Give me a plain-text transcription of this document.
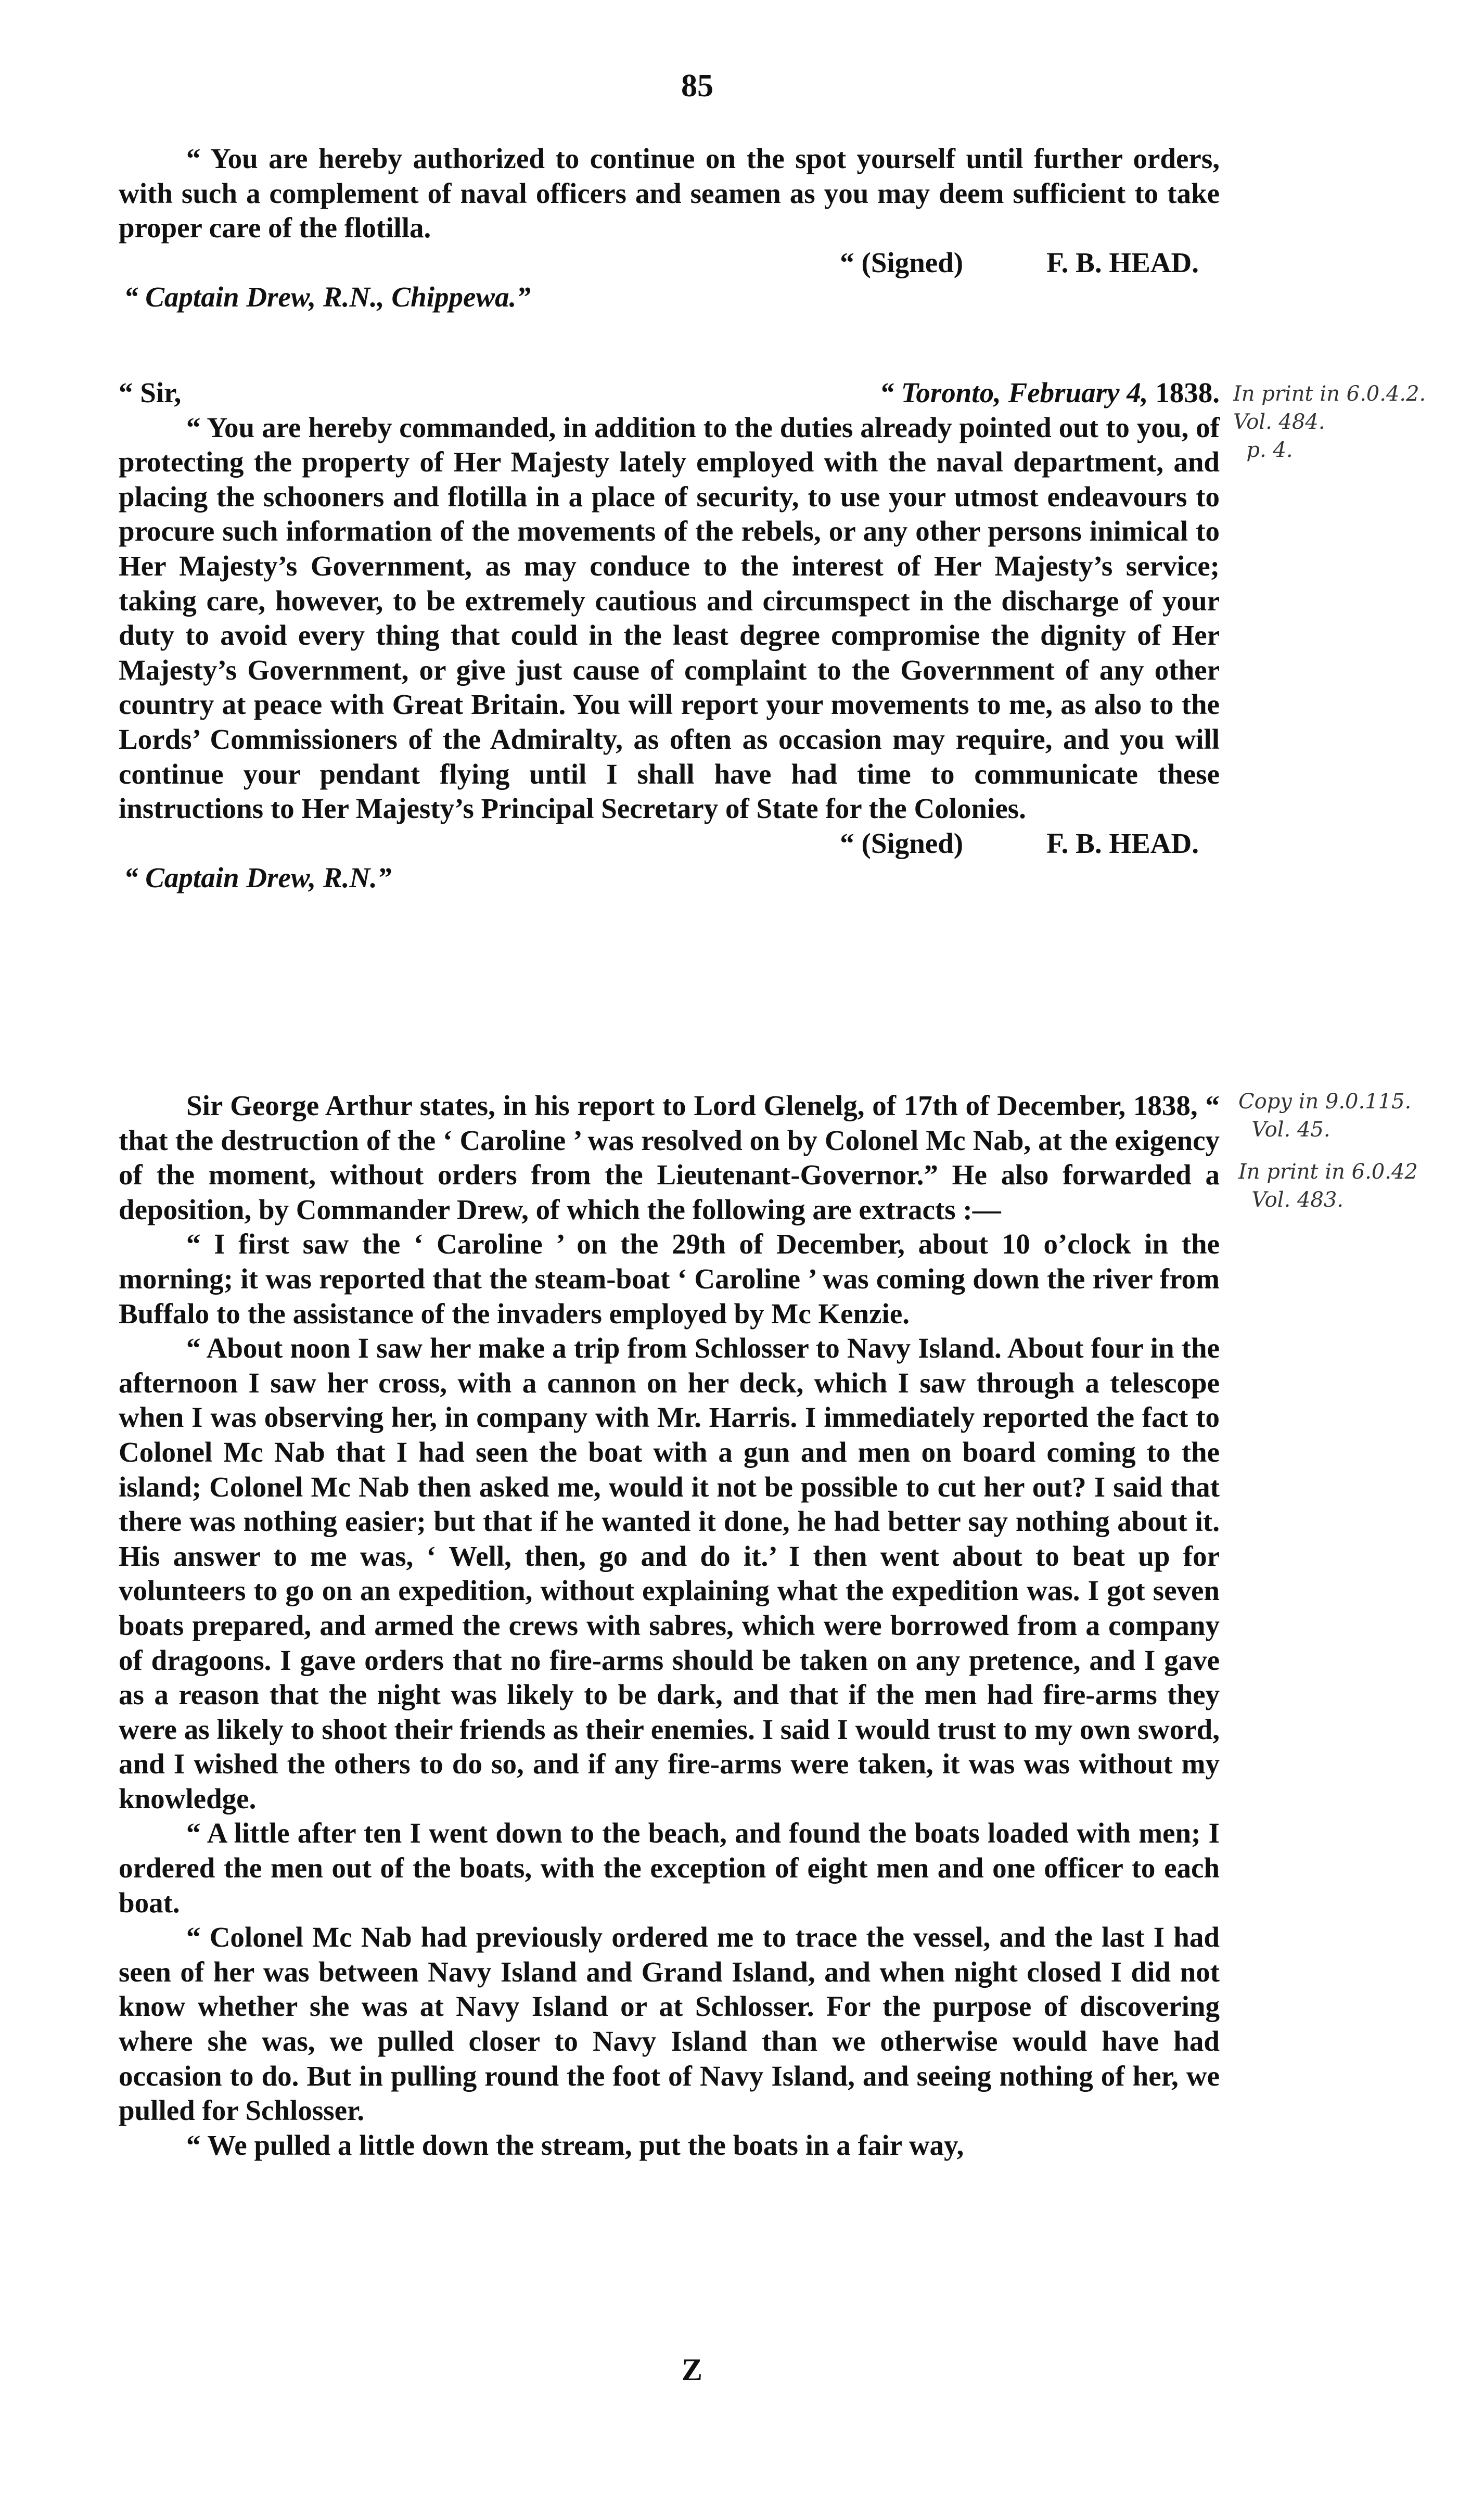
85

“ You are hereby authorized to continue on the spot yourself until further orders, with such a complement of naval officers and seamen as you may deem sufficient to take proper care of the flotilla.

“ (Signed)	F. B. HEAD.
“ Captain Drew, R.N., Chippewa.”
“ Sir,	“ Toronto, February 4, 1838.

“ You are hereby commanded, in addition to the duties already pointed out to you, of protecting the property of Her Majesty lately employed with the naval department, and placing the schooners and flotilla in a place of security, to use your utmost endeavours to procure such information of the movements of the rebels, or any other persons inimical to Her Majesty’s Government, as may conduce to the interest of Her Majesty’s service; taking care, however, to be extremely cautious and circumspect in the discharge of your duty to avoid every thing that could in the least degree compromise the dignity of Her Majesty’s Government, or give just cause of complaint to the Government of any other country at peace with Great Britain. You will report your movements to me, as also to the Lords’ Commissioners of the Admiralty, as often as occasion may require, and you will continue your pendant flying until I shall have had time to communicate these instructions to Her Majesty’s Principal Secretary of State for the Colonies.

“ (Signed)	F. B. HEAD.
“ Captain Drew, R.N.”

Sir George Arthur states, in his report to Lord Glenelg, of 17th of December, 1838, “ that the destruction of the ‘ Caroline ’ was resolved on by Colonel Mc Nab, at the exigency of the moment, without orders from the Lieutenant-Governor.” He also forwarded a deposition, by Commander Drew, of which the following are extracts :—

“ I first saw the ‘ Caroline ’ on the 29th of December, about 10 o’clock in the morning; it was reported that the steam-boat ‘ Caroline ’ was coming down the river from Buffalo to the assistance of the invaders employed by Mc Kenzie.

“ About noon I saw her make a trip from Schlosser to Navy Island. About four in the afternoon I saw her cross, with a cannon on her deck, which I saw through a telescope when I was observing her, in company with Mr. Harris. I immediately reported the fact to Colonel Mc Nab that I had seen the boat with a gun and men on board coming to the island; Colonel Mc Nab then asked me, would it not be possible to cut her out? I said that there was nothing easier; but that if he wanted it done, he had better say nothing about it. His answer to me was, ‘ Well, then, go and do it.’ I then went about to beat up for volunteers to go on an expedition, without explaining what the expedition was. I got seven boats prepared, and armed the crews with sabres, which were borrowed from a company of dragoons. I gave orders that no fire-arms should be taken on any pretence, and I gave as a reason that the night was likely to be dark, and that if the men had fire-arms they were as likely to shoot their friends as their enemies. I said I would trust to my own sword, and I wished the others to do so, and if any fire-arms were taken, it was was without my knowledge.

“ A little after ten I went down to the beach, and found the boats loaded with men; I ordered the men out of the boats, with the exception of eight men and one officer to each boat.

“ Colonel Mc Nab had previously ordered me to trace the vessel, and the last I had seen of her was between Navy Island and Grand Island, and when night closed I did not know whether she was at Navy Island or at Schlosser. For the purpose of discovering where she was, we pulled closer to Navy Island than we otherwise would have had occasion to do. But in pulling round the foot of Navy Island, and seeing nothing of her, we pulled for Schlosser.

“ We pulled a little down the stream, put the boats in a fair way,

Z
In print in 6.0.4.2.
Vol. 484.
p. 4.
Copy in 9.0.115.
Vol. 45.
In print in 6.0.42
Vol. 483.
